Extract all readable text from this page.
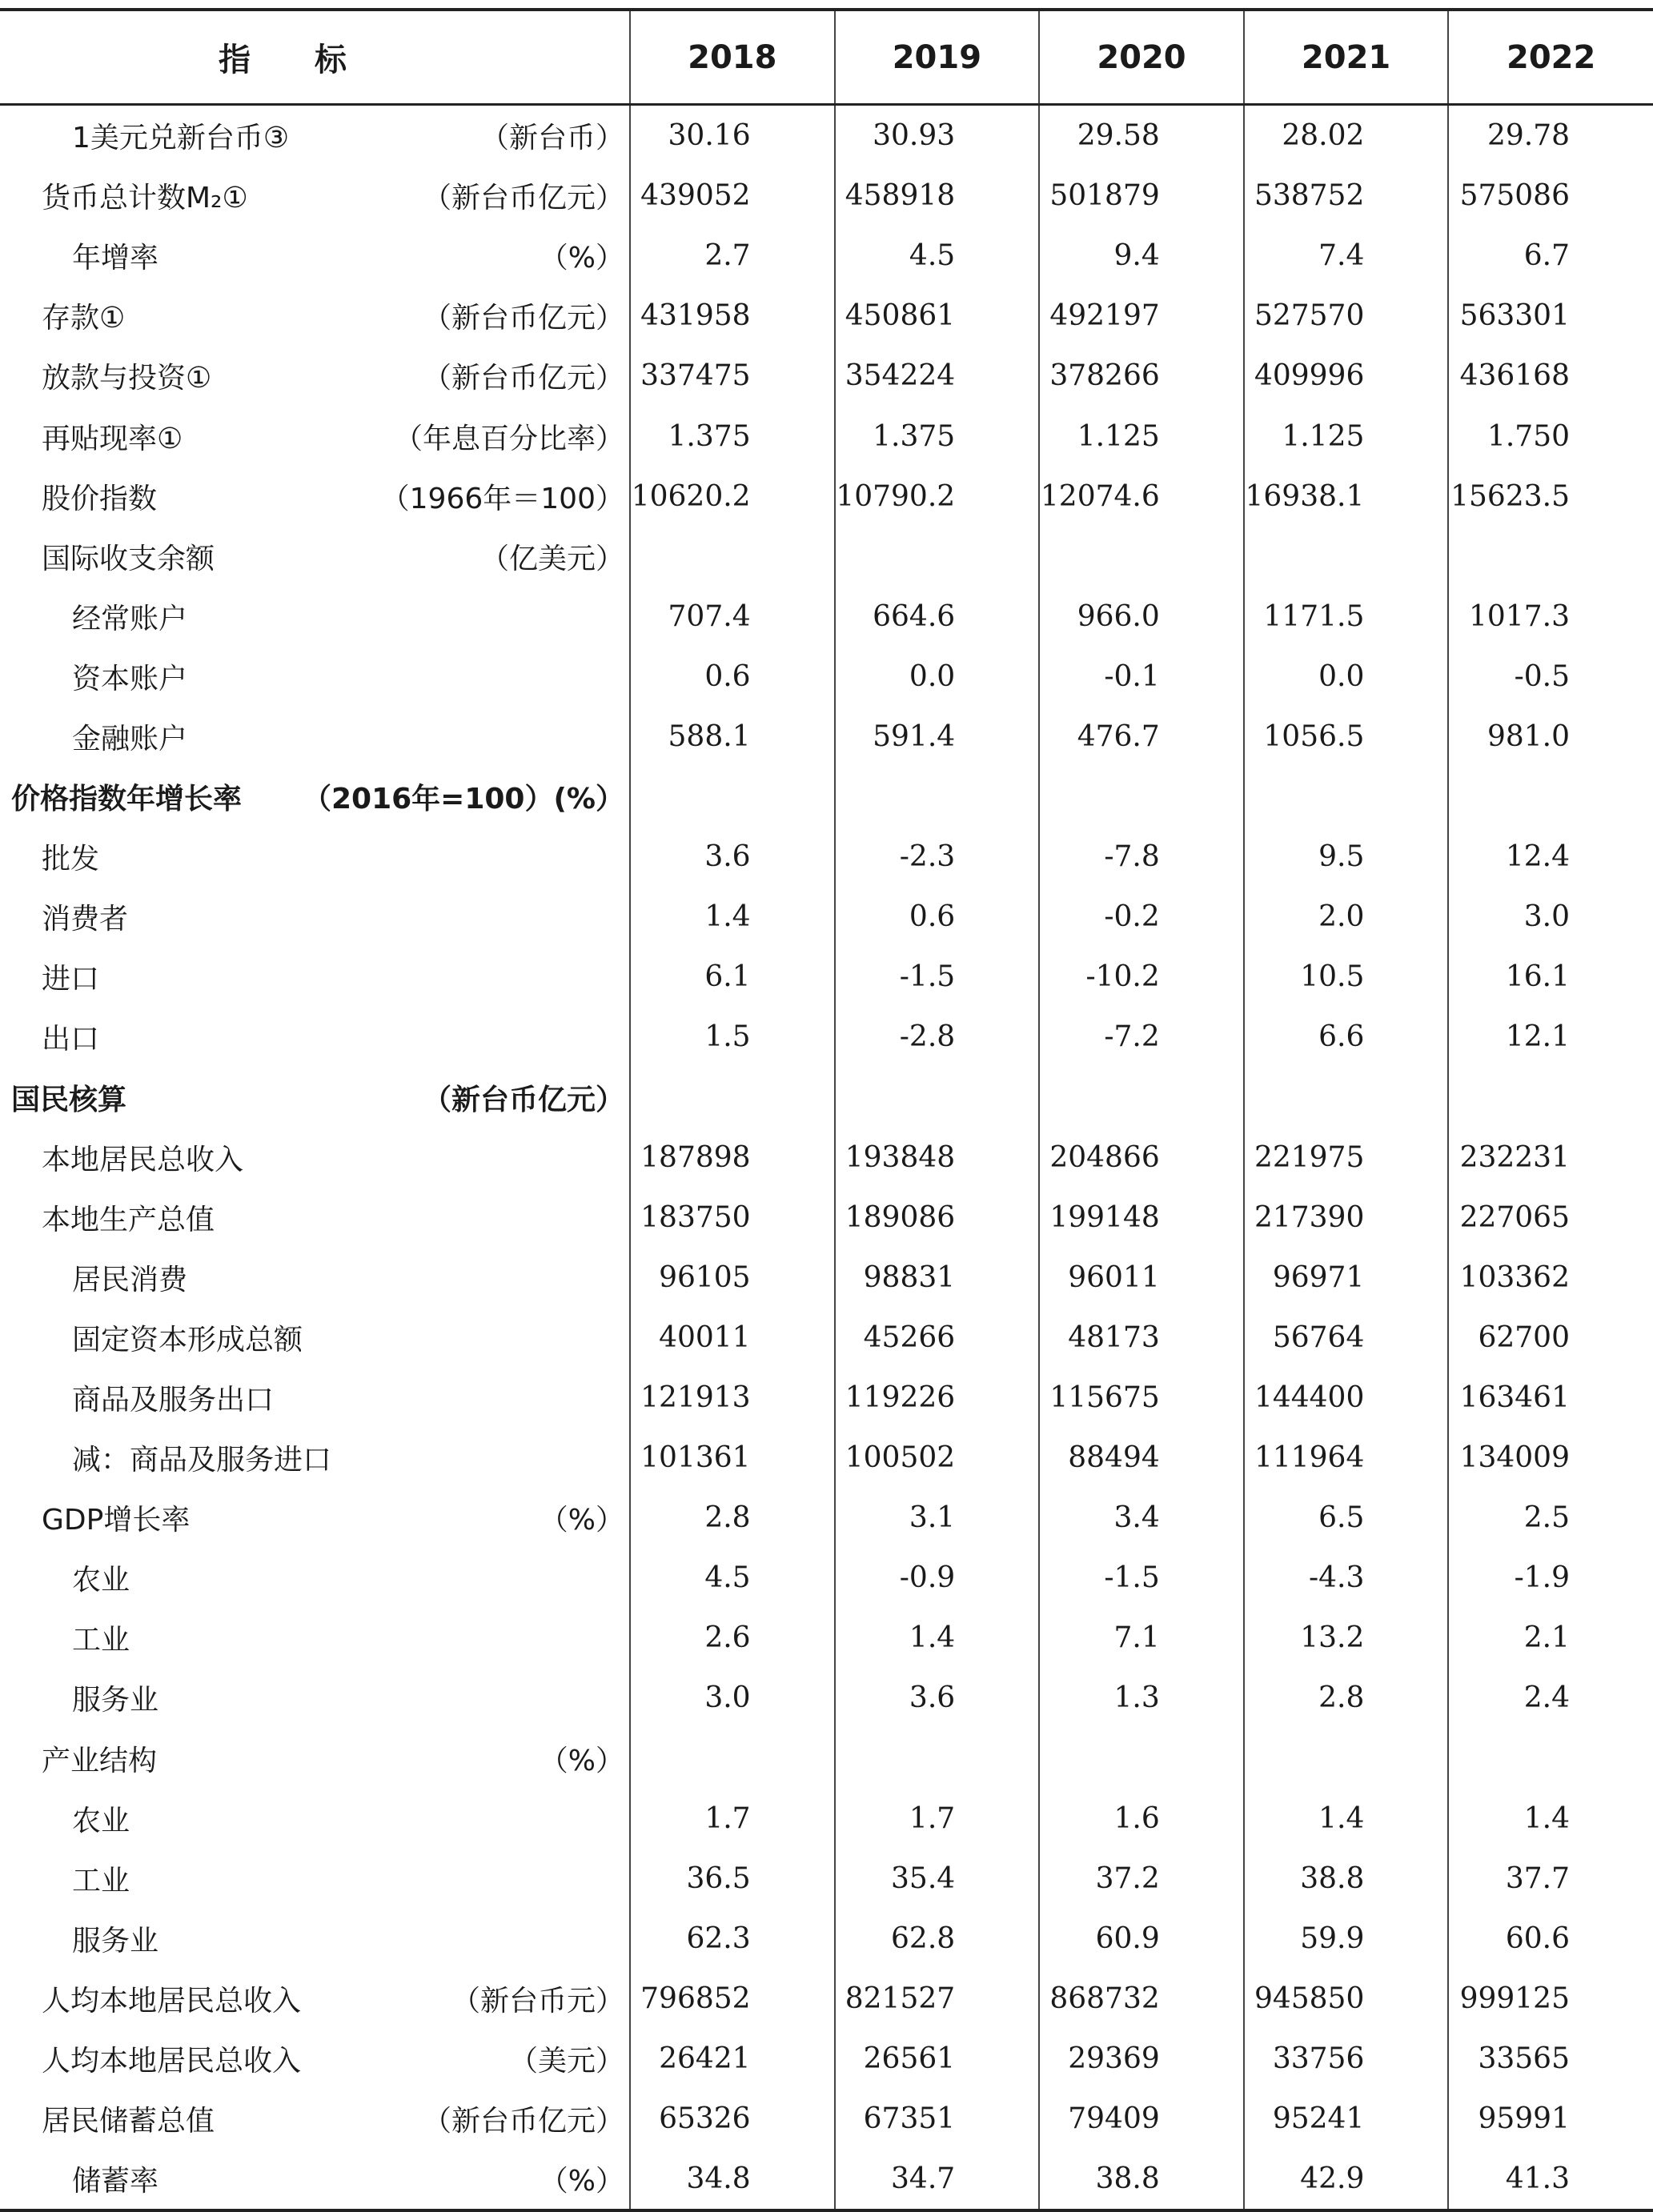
指标	2018	2019	2020	2021	2022

1美元兑新台币③ （新台币）	30.16	30.93	29.58	28.02	29.78

货币总计数M₂① （新台币亿元）	439052	458918	501879	538752	575086

年增率 （%）	2.7	4.5	9.4	7.4	6.7

存款① （新台币亿元）	431958	450861	492197	527570	563301

放款与投资① （新台币亿元）	337475	354224	378266	409996	436168

再贴现率① （年息百分比率）	1.375	1.375	1.125	1.125	1.750

股价指数 （1966年＝100）	10620.2	10790.2	12074.6	16938.1	15623.5

国际收支余额 （亿美元）					

经常账户	707.4	664.6	966.0	1171.5	1017.3

资本账户	0.6	0.0	-0.1	0.0	-0.5

金融账户	588.1	591.4	476.7	1056.5	981.0

价格指数年增长率 （2016年=100）(%）					

批发	3.6	-2.3	-7.8	9.5	12.4

消费者	1.4	0.6	-0.2	2.0	3.0

进口	6.1	-1.5	-10.2	10.5	16.1

出口	1.5	-2.8	-7.2	6.6	12.1

国民核算 （新台币亿元）					

本地居民总收入	187898	193848	204866	221975	232231

本地生产总值	183750	189086	199148	217390	227065

居民消费	96105	98831	96011	96971	103362

固定资本形成总额	40011	45266	48173	56764	62700

商品及服务出口	121913	119226	115675	144400	163461

减：商品及服务进口	101361	100502	88494	111964	134009

GDP增长率 （%）	2.8	3.1	3.4	6.5	2.5

农业	4.5	-0.9	-1.5	-4.3	-1.9

工业	2.6	1.4	7.1	13.2	2.1

服务业	3.0	3.6	1.3	2.8	2.4

产业结构 （%）					

农业	1.7	1.7	1.6	1.4	1.4

工业	36.5	35.4	37.2	38.8	37.7

服务业	62.3	62.8	60.9	59.9	60.6

人均本地居民总收入 （新台币元）	796852	821527	868732	945850	999125

人均本地居民总收入 （美元）	26421	26561	29369	33756	33565

居民储蓄总值 （新台币亿元）	65326	67351	79409	95241	95991

储蓄率 （%）	34.8	34.7	38.8	42.9	41.3
